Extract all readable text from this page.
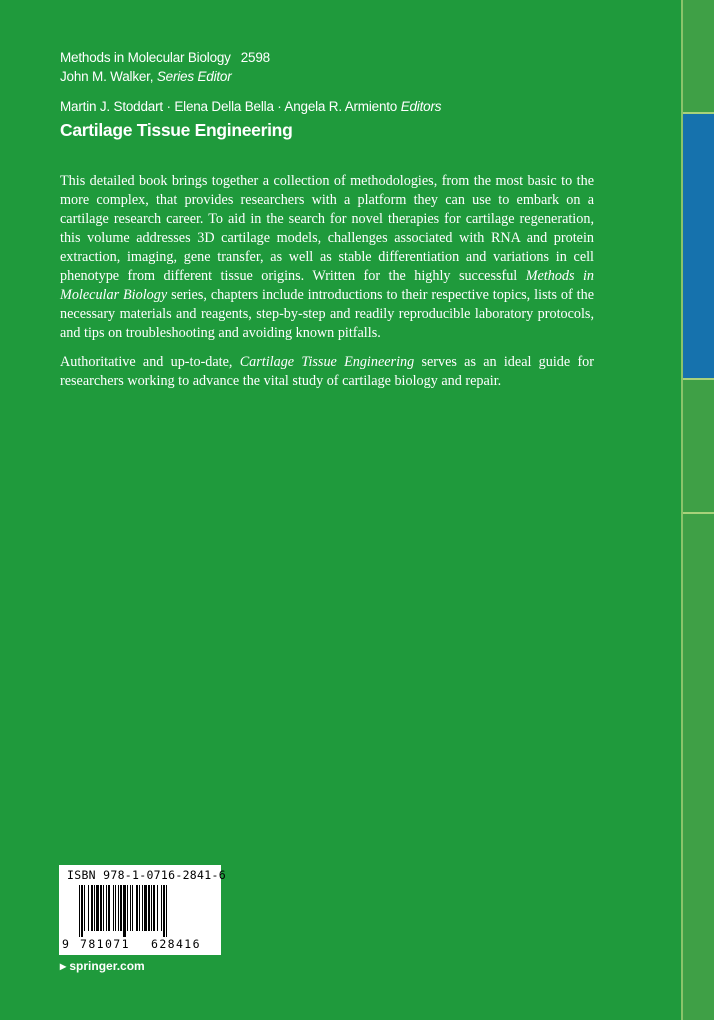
Methods in Molecular Biology 2598
John M. Walker, Series Editor
Martin J. Stoddart · Elena Della Bella · Angela R. Armiento Editors
Cartilage Tissue Engineering

This detailed book brings together a collection of methodologies, from the most basic to the more complex, that provides researchers with a platform they can use to embark on a cartilage research career. To aid in the search for novel therapies for cartilage regeneration, this volume addresses 3D cartilage models, challenges associated with RNA and protein extraction, imaging, gene transfer, as well as stable differentiation and variations in cell phenotype from different tissue origins. Written for the highly successful Methods in Molecular Biology series, chapters include introductions to their respective topics, lists of the necessary materials and reagents, step-by-step and readily reproducible laboratory protocols, and tips on troubleshooting and avoiding known pitfalls.

Authoritative and up-to-date, Cartilage Tissue Engineering serves as an ideal guide for researchers working to advance the vital study of cartilage biology and repair.

ISBN 978-1-0716-2841-6
9 781071 628416
▸ springer.com
